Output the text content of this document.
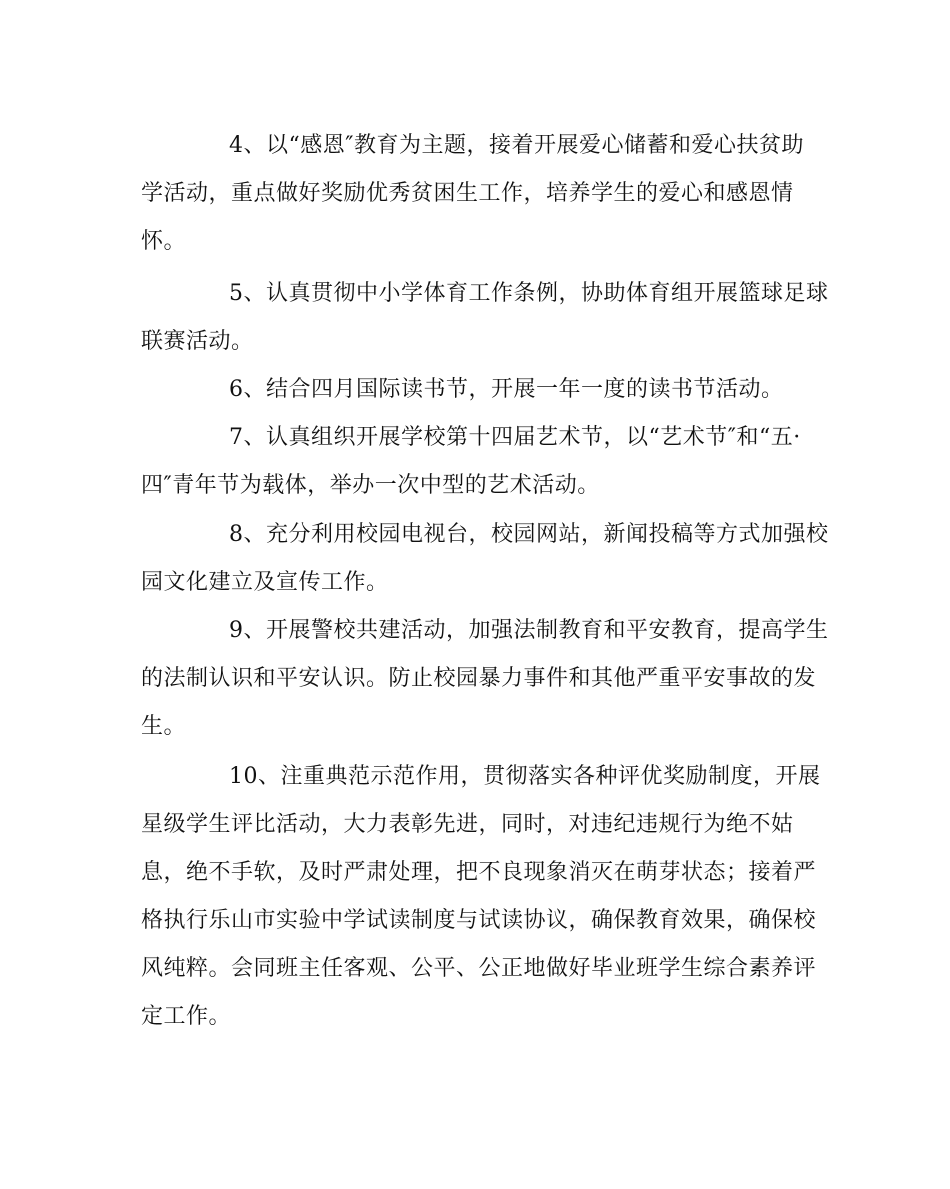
4、以“感恩″教育为主题，接着开展爱心储蓄和爱心扶贫助
学活动，重点做好奖励优秀贫困生工作，培养学生的爱心和感恩情
怀。
5、认真贯彻中小学体育工作条例，协助体育组开展篮球足球
联赛活动。
6、结合四月国际读书节，开展一年一度的读书节活动。
7、认真组织开展学校第十四届艺术节，以“艺术节″和“五·
四″青年节为载体，举办一次中型的艺术活动。
8、充分利用校园电视台，校园网站，新闻投稿等方式加强校
园文化建立及宣传工作。
9、开展警校共建活动，加强法制教育和平安教育，提高学生
的法制认识和平安认识。防止校园暴力事件和其他严重平安事故的发
生。
10、注重典范示范作用，贯彻落实各种评优奖励制度，开展
星级学生评比活动，大力表彰先进，同时，对违纪违规行为绝不姑
息，绝不手软，及时严肃处理，把不良现象消灭在萌芽状态；接着严
格执行乐山市实验中学试读制度与试读协议，确保教育效果，确保校
风纯粹。会同班主任客观、公平、公正地做好毕业班学生综合素养评
定工作。
